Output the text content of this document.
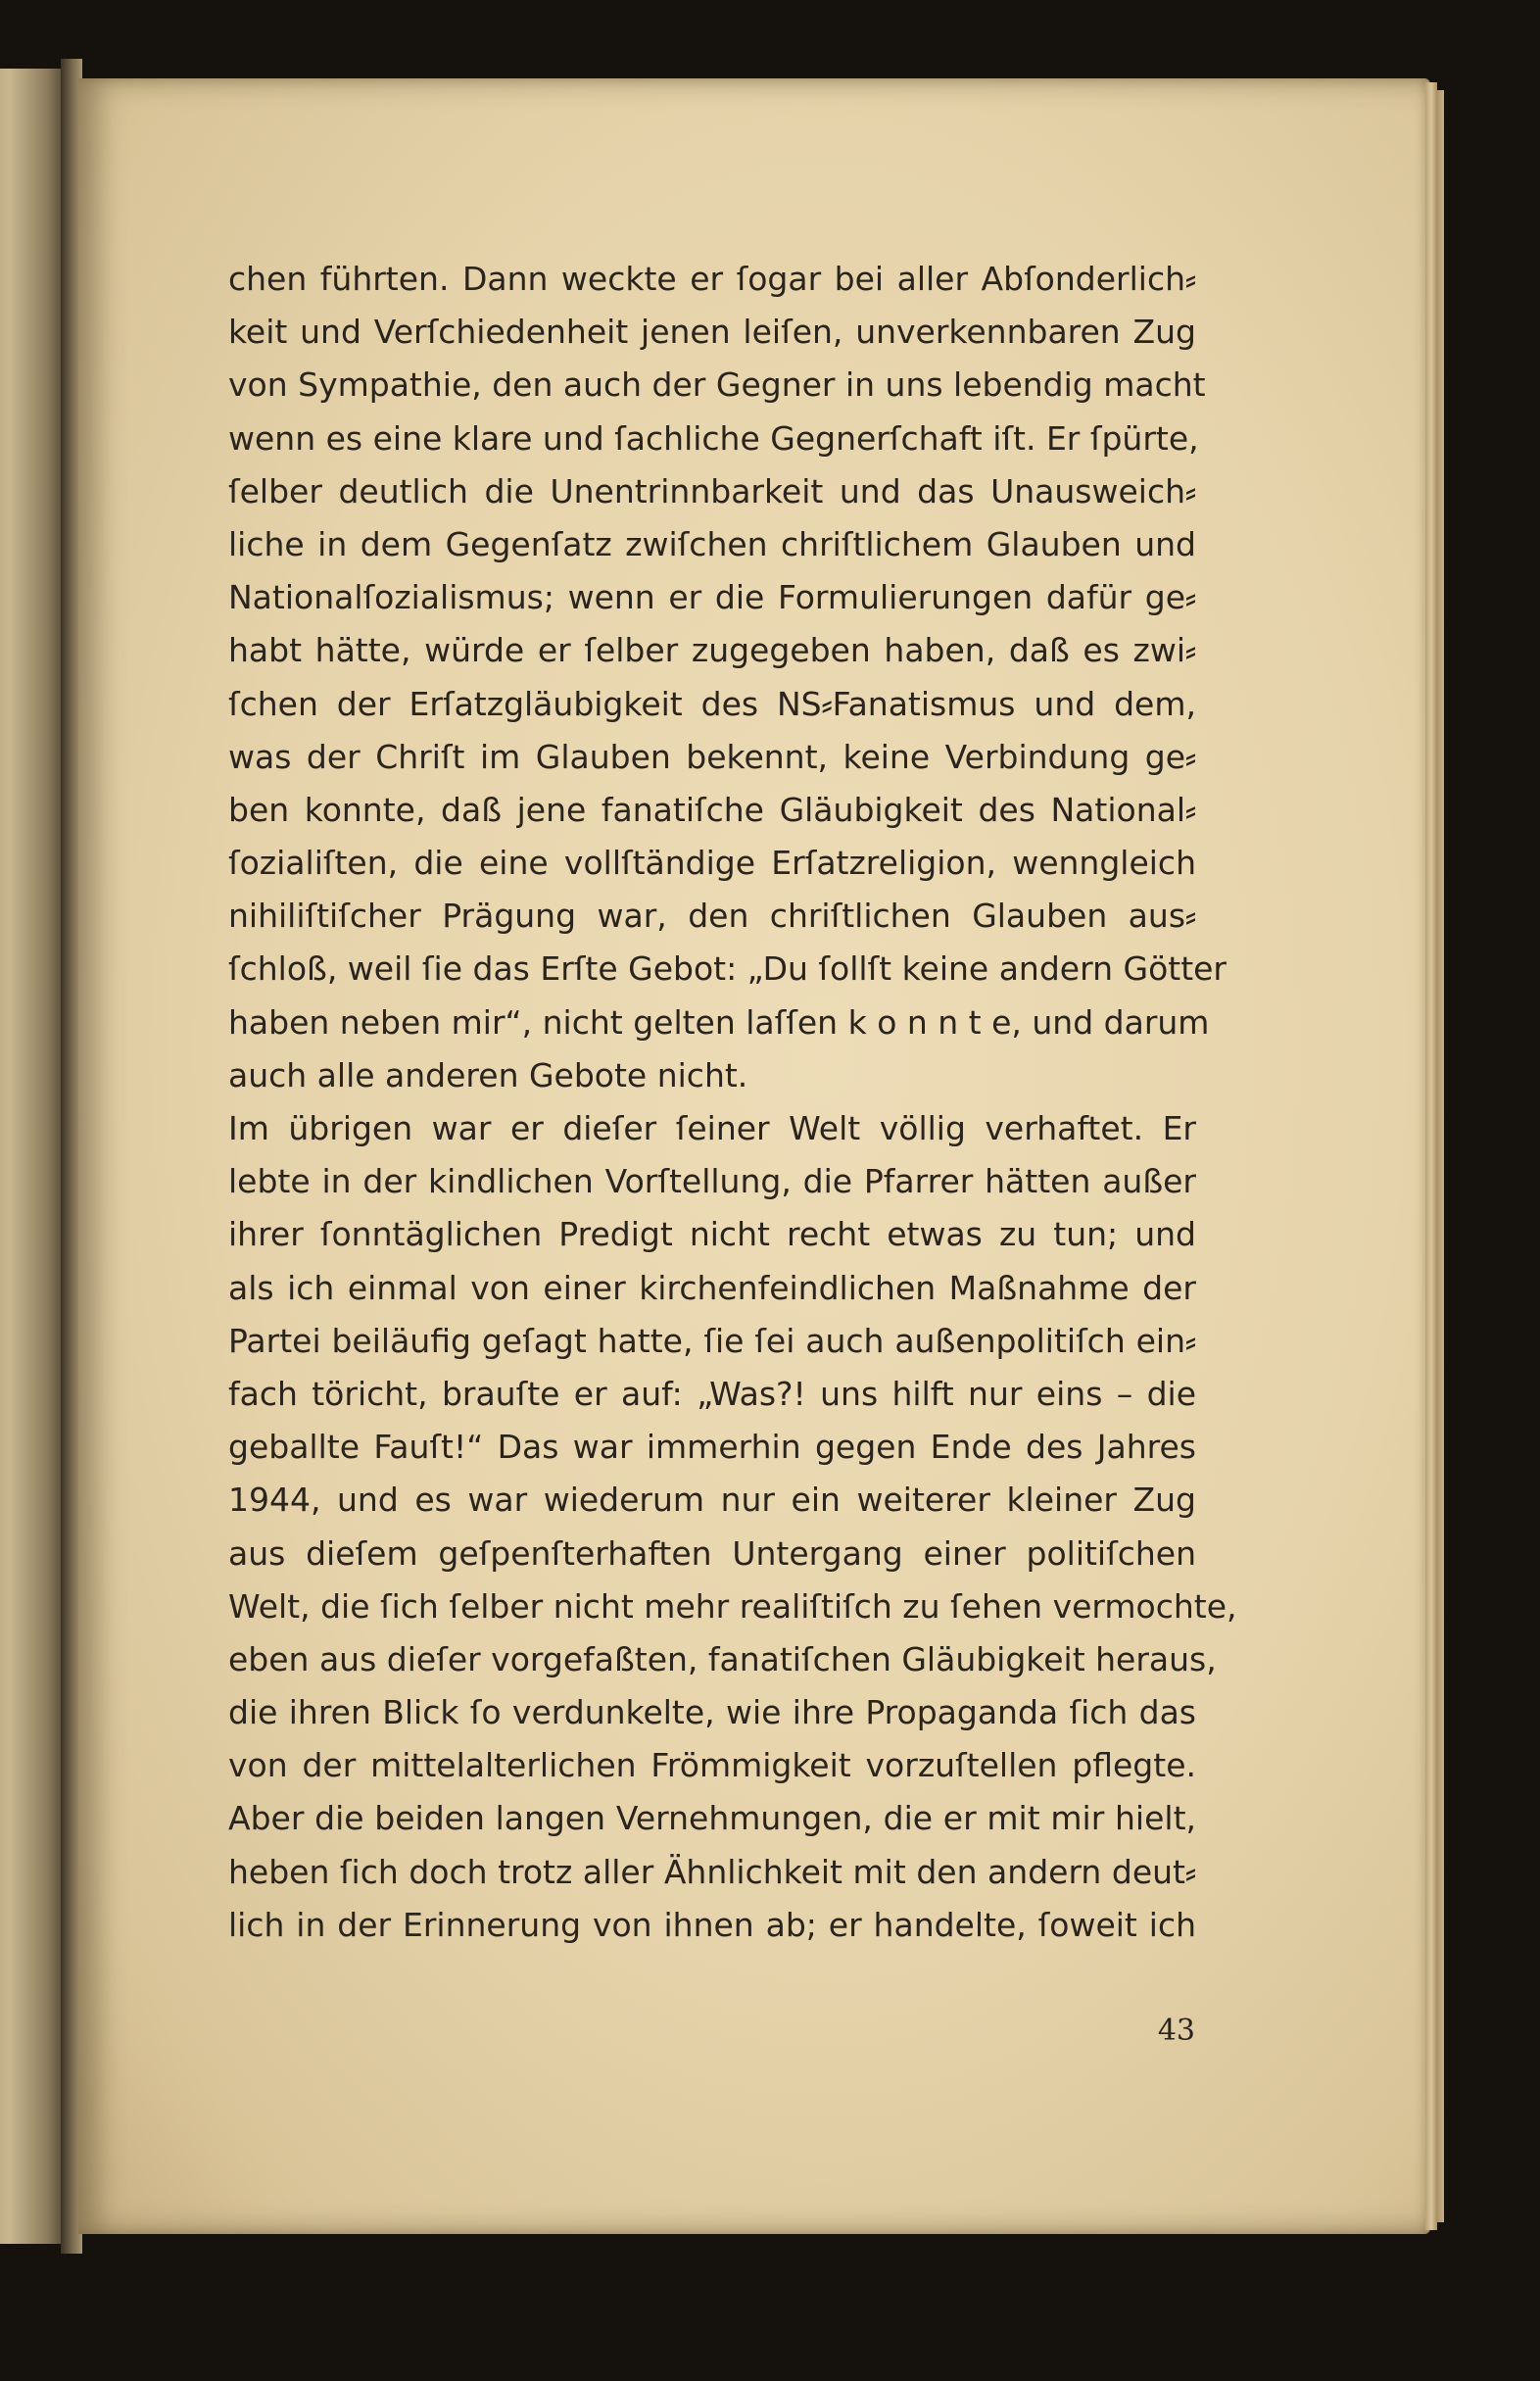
chen führten. Dann weckte er ſogar bei aller Abſonderlich⸗
keit und Verſchiedenheit jenen leiſen, unverkennbaren Zug
von Sympathie, den auch der Gegner in uns lebendig macht
wenn es eine klare und ſachliche Gegnerſchaft iſt. Er ſpürte,
ſelber deutlich die Unentrinnbarkeit und das Unausweich⸗
liche in dem Gegenſatz zwiſchen chriſtlichem Glauben und
Nationalſozialismus; wenn er die Formulierungen dafür ge⸗
habt hätte, würde er ſelber zugegeben haben, daß es zwi⸗
ſchen der Erſatzgläubigkeit des NS⸗Fanatismus und dem,
was der Chriſt im Glauben bekennt, keine Verbindung ge⸗
ben konnte, daß jene fanatiſche Gläubigkeit des National⸗
ſozialiſten, die eine vollſtändige Erſatzreligion, wenngleich
nihiliſtiſcher Prägung war, den chriſtlichen Glauben aus⸗
ſchloß, weil ſie das Erſte Gebot: „Du ſollſt keine andern Götter
haben neben mir“, nicht gelten laſſen k o n n t e, und darum
auch alle anderen Gebote nicht.
Im übrigen war er dieſer ſeiner Welt völlig verhaftet. Er
lebte in der kindlichen Vorſtellung, die Pfarrer hätten außer
ihrer ſonntäglichen Predigt nicht recht etwas zu tun; und
als ich einmal von einer kirchenfeindlichen Maßnahme der
Partei beiläufig geſagt hatte, ſie ſei auch außenpolitiſch ein⸗
fach töricht, brauſte er auf: „Was?! uns hilft nur eins – die
geballte Fauſt!“ Das war immerhin gegen Ende des Jahres
1944, und es war wiederum nur ein weiterer kleiner Zug
aus dieſem geſpenſterhaften Untergang einer politiſchen
Welt, die ſich ſelber nicht mehr realiſtiſch zu ſehen vermochte,
eben aus dieſer vorgefaßten, fanatiſchen Gläubigkeit heraus,
die ihren Blick ſo verdunkelte, wie ihre Propaganda ſich das
von der mittelalterlichen Frömmigkeit vorzuſtellen pflegte.
Aber die beiden langen Vernehmungen, die er mit mir hielt,
heben ſich doch trotz aller Ähnlichkeit mit den andern deut⸗
lich in der Erinnerung von ihnen ab; er handelte, ſoweit ich
43
